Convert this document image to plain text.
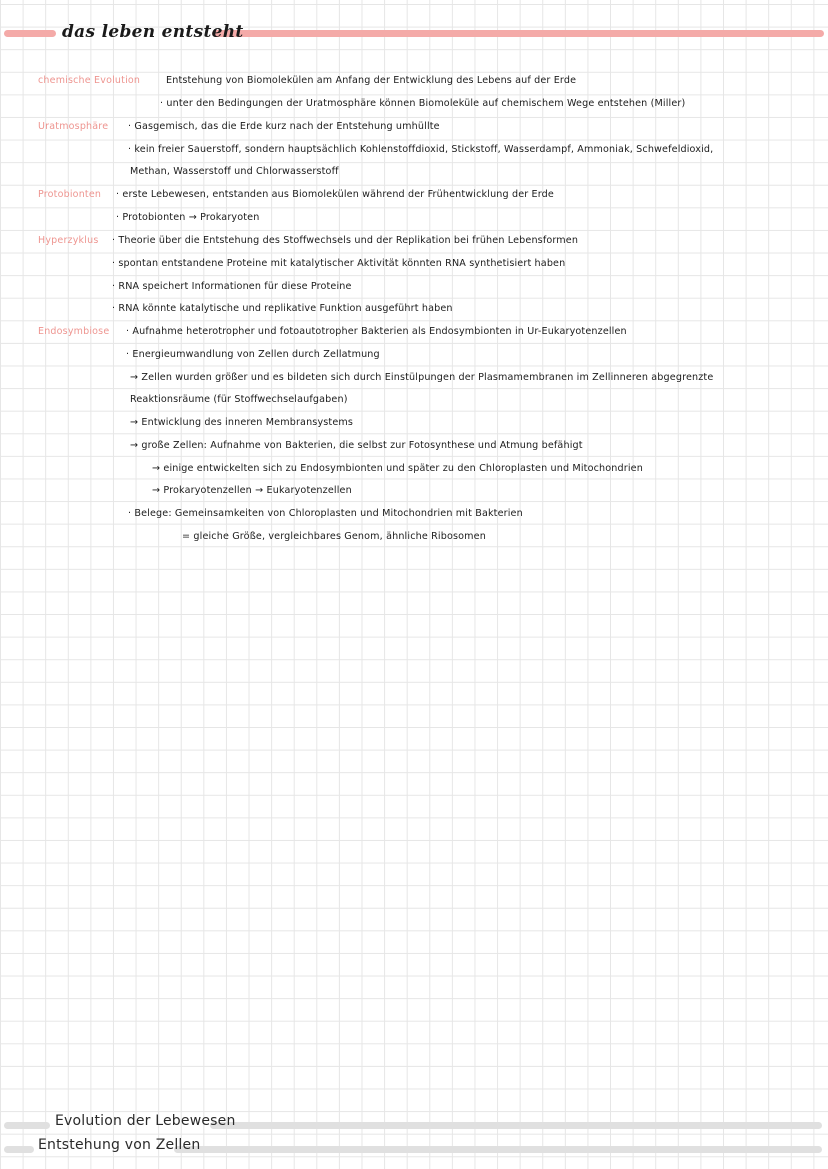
das leben entsteht
chemische Evolution
Uratmosphäre
Protobionten
Hyperzyklus
Endosymbiose
Entstehung von Biomolekülen am Anfang der Entwicklung des Lebens auf der Erde
· unter den Bedingungen der Uratmosphäre können Biomoleküle auf chemischem Wege entstehen (Miller)
· Gasgemisch, das die Erde kurz nach der Entstehung umhüllte
· kein freier Sauerstoff, sondern hauptsächlich Kohlenstoffdioxid, Stickstoff, Wasserdampf, Ammoniak, Schwefeldioxid,
Methan, Wasserstoff und Chlorwasserstoff
· erste Lebewesen, entstanden aus Biomolekülen während der Frühentwicklung der Erde
· Protobionten → Prokaryoten
· Theorie über die Entstehung des Stoffwechsels und der Replikation bei frühen Lebensformen
· spontan entstandene Proteine mit katalytischer Aktivität könnten RNA synthetisiert haben
· RNA speichert Informationen für diese Proteine
· RNA könnte katalytische und replikative Funktion ausgeführt haben
· Aufnahme heterotropher und fotoautotropher Bakterien als Endosymbionten in Ur-Eukaryotenzellen
· Energieumwandlung von Zellen durch Zellatmung
→ Zellen wurden größer und es bildeten sich durch Einstülpungen der Plasmamembranen im Zellinneren abgegrenzte
Reaktionsräume (für Stoffwechselaufgaben)
→ Entwicklung des inneren Membransystems
→ große Zellen: Aufnahme von Bakterien, die selbst zur Fotosynthese und Atmung befähigt
→ einige entwickelten sich zu Endosymbionten und später zu den Chloroplasten und Mitochondrien
→ Prokaryotenzellen → Eukaryotenzellen
· Belege: Gemeinsamkeiten von Chloroplasten und Mitochondrien mit Bakterien
= gleiche Größe, vergleichbares Genom, ähnliche Ribosomen
Evolution der Lebewesen
Entstehung von Zellen
